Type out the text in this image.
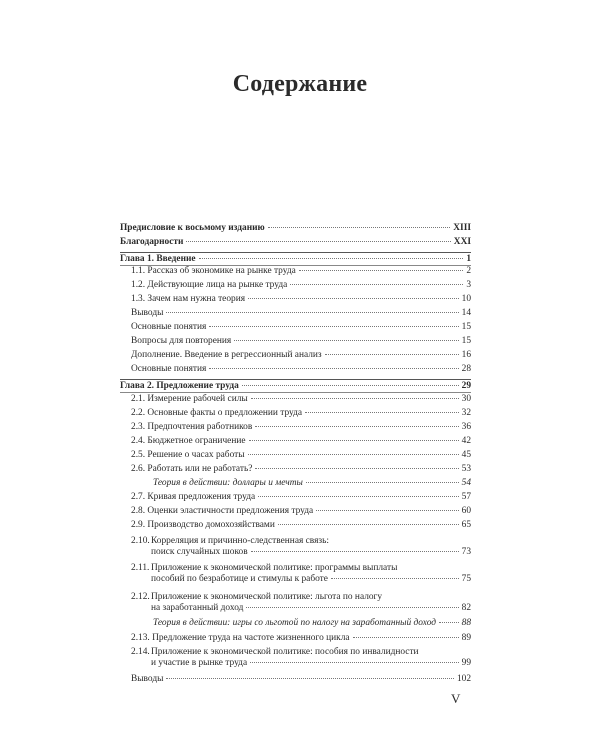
Содержание
Предисловие к восьмому изданию	XIII
Благодарности	XXI
Глава 1. Введение	1
1.1. Рассказ об экономике на рынке труда	2
1.2. Действующие лица на рынке труда	3
1.3. Зачем нам нужна теория	10
Выводы	14
Основные понятия	15
Вопросы для повторения	15
Дополнение. Введение в регрессионный анализ	16
Основные понятия	28
Глава 2. Предложение труда	29
2.1. Измерение рабочей силы	30
2.2. Основные факты о предложении труда	32
2.3. Предпочтения работников	36
2.4. Бюджетное ограничение	42
2.5. Решение о часах работы	45
2.6. Работать или не работать?	53
Теория в действии: доллары и мечты	54
2.7. Кривая предложения труда	57
2.8. Оценки эластичности предложения труда	60
2.9. Производство домохозяйствами	65
2.10.Корреляция и причинно-следственная связь:
поиск случайных шоков	73
2.11. Приложение к экономической политике: программы выплаты
пособий по безработице и стимулы к работе	75
2.12.Приложение к экономической политике: льгота по налогу
на заработанный доход	82
Теория в действии: игры со льготой по налогу на заработанный доход	88
2.13. Предложение труда на частоте жизненного цикла	89
2.14.Приложение к экономической политике: пособия по инвалидности
и участие в рынке труда	99
Выводы	102
V
